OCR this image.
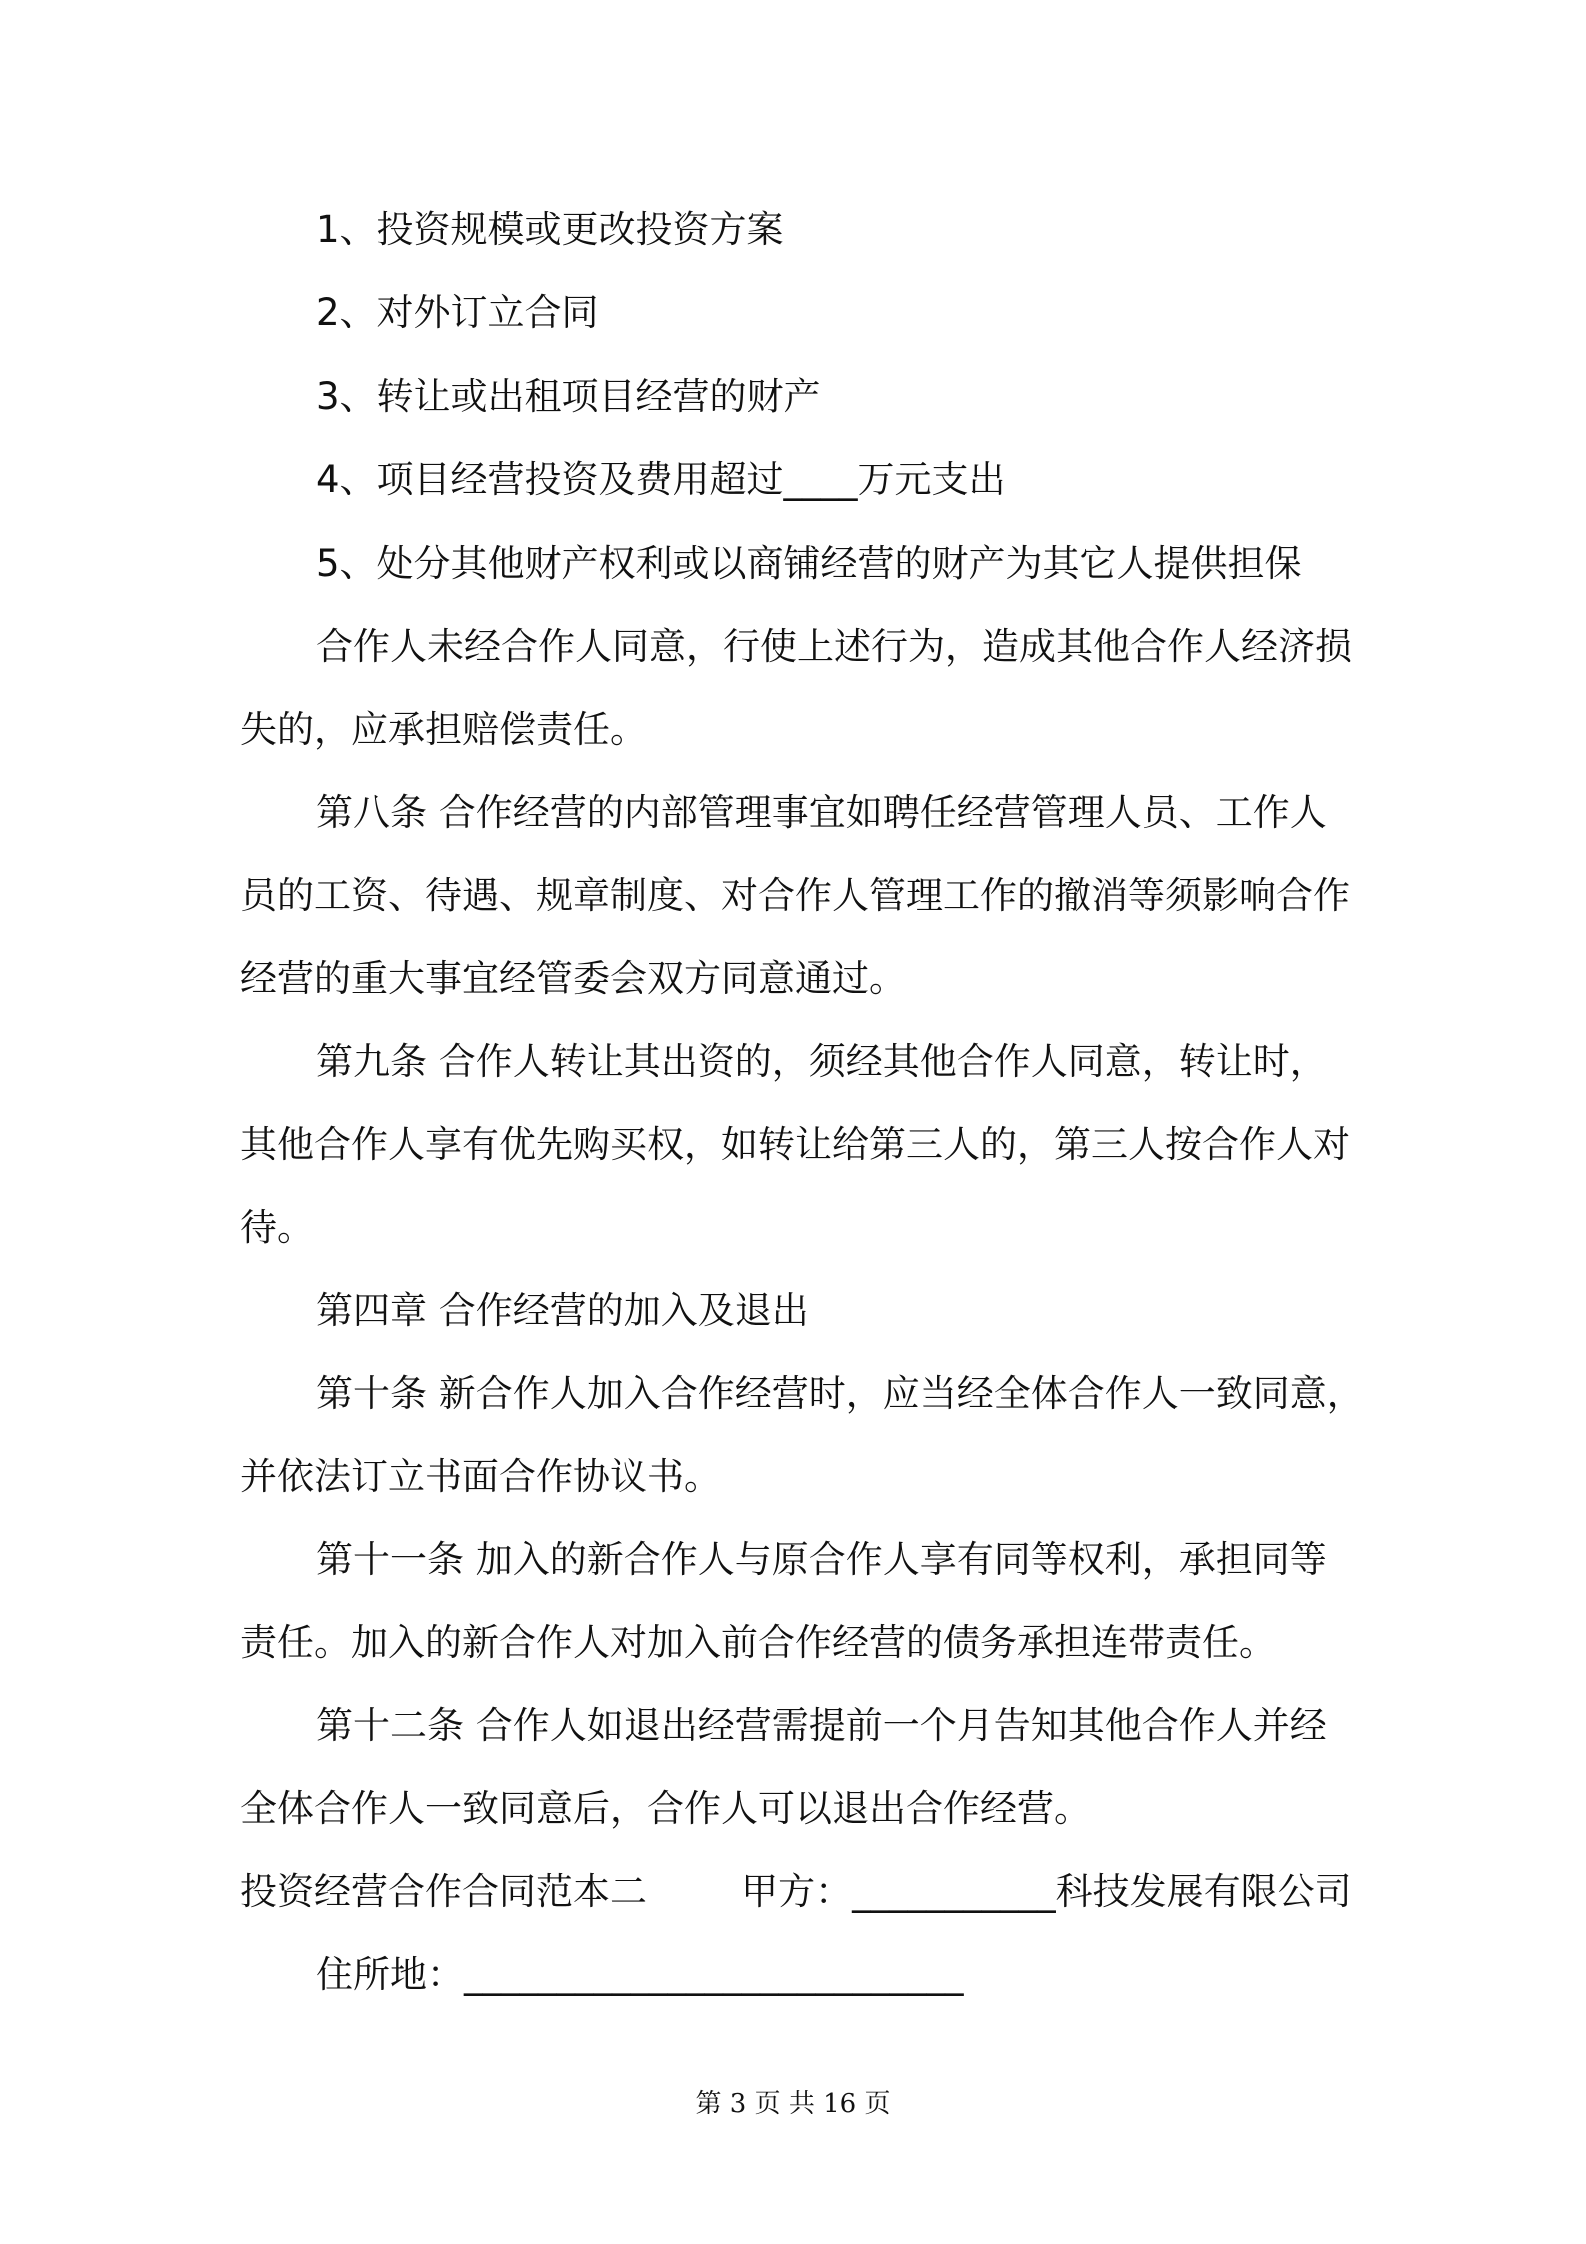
1、投资规模或更改投资方案
2、对外订立合同
3、转让或出租项目经营的财产
4、项目经营投资及费用超过____万元支出
5、处分其他财产权利或以商铺经营的财产为其它人提供担保
合作人未经合作人同意，行使上述行为，造成其他合作人经济损
失的，应承担赔偿责任。
第八条 合作经营的内部管理事宜如聘任经营管理人员、工作人
员的工资、待遇、规章制度、对合作人管理工作的撤消等须影响合作
经营的重大事宜经管委会双方同意通过。
第九条 合作人转让其出资的，须经其他合作人同意，转让时，
其他合作人享有优先购买权，如转让给第三人的，第三人按合作人对
待。
第四章 合作经营的加入及退出
第十条 新合作人加入合作经营时，应当经全体合作人一致同意，
并依法订立书面合作协议书。
第十一条 加入的新合作人与原合作人享有同等权利，承担同等
责任。加入的新合作人对加入前合作经营的债务承担连带责任。
第十二条 合作人如退出经营需提前一个月告知其他合作人并经
全体合作人一致同意后，合作人可以退出合作经营。
投资经营合作合同范本二        甲方：___________科技发展有限公司
住所地：___________________________
第 3 页 共 16 页
